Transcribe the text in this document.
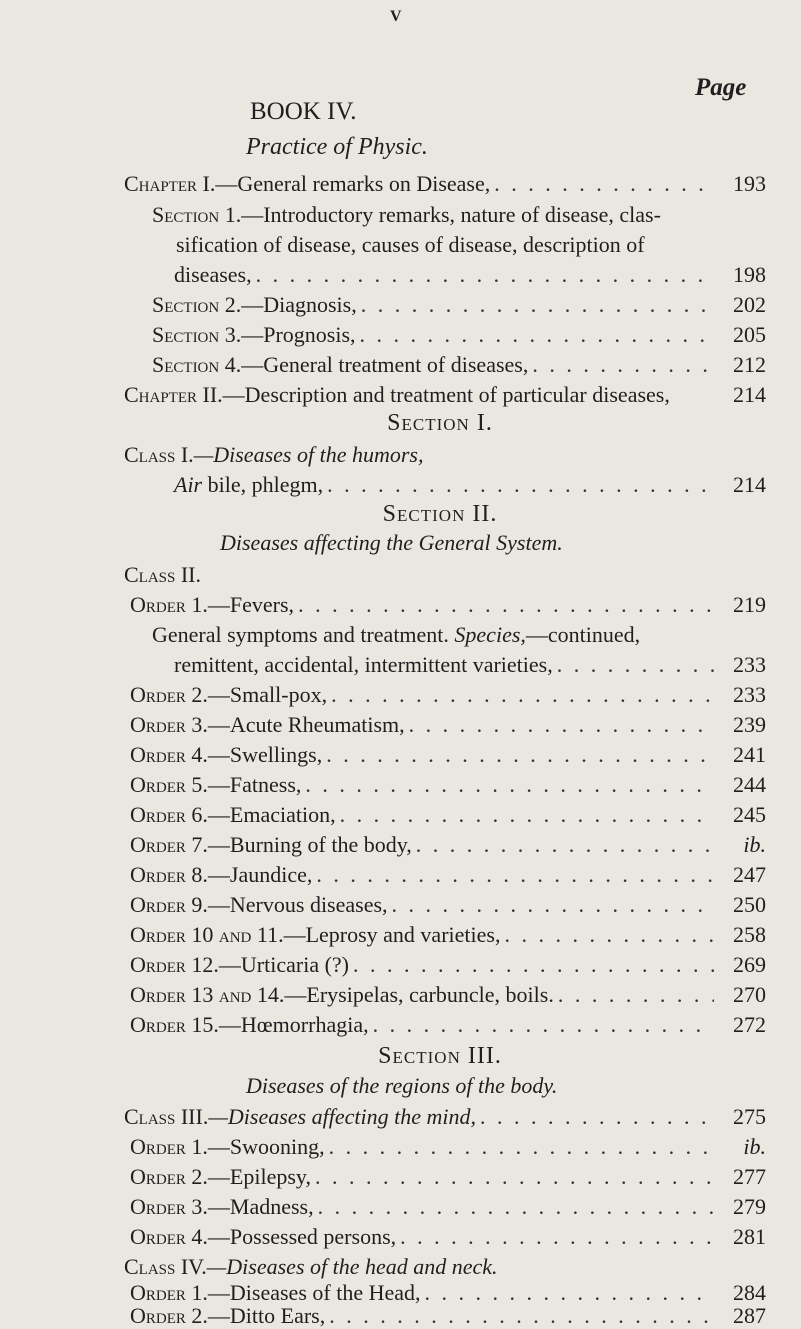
V
Page
BOOK IV.
Practice of Physic.
Chapter I.—General remarks on Disease, . . .	193
Section 1.—Introductory remarks, nature of disease, clas-
sification of disease, causes of disease, description of
diseases, . . .	198
Section 2.—Diagnosis, . . .	202
Section 3.—Prognosis, . . .	205
Section 4.—General treatment of diseases, . . .	212
Chapter II.—Description and treatment of particular diseases,	214
Section I.
Class I.—Diseases of the humors,
Air bile, phlegm, . . .	214
Section II.
Diseases affecting the General System.
Class II.
Order 1.—Fevers, . . .	219
General symptoms and treatment. Species,—continued,
remittent, accidental, intermittent varieties, . . .	233
Order 2.—Small-pox, . . .	233
Order 3.—Acute Rheumatism, . . .	239
Order 4.—Swellings, . . .	241
Order 5.—Fatness, . . .	244
Order 6.—Emaciation, . . .	245
Order 7.—Burning of the body, . . .	ib.
Order 8.—Jaundice, . . .	247
Order 9.—Nervous diseases, . . .	250
Order 10 and 11.—Leprosy and varieties, . . .	258
Order 12.—Urticaria (?) . . .	269
Order 13 and 14.—Erysipelas, carbuncle, boils. . . .	270
Order 15.—Hœmorrhagia, . . .	272
Section III.
Diseases of the regions of the body.
Class III.—Diseases affecting the mind, . . .	275
Order 1.—Swooning, . . .	ib.
Order 2.—Epilepsy, . . .	277
Order 3.—Madness, . . .	279
Order 4.—Possessed persons, . . .	281
Class IV.—Diseases of the head and neck.
Order 1.—Diseases of the Head, . . .	284
Order 2.—Ditto Ears, . . .	287
. . .
